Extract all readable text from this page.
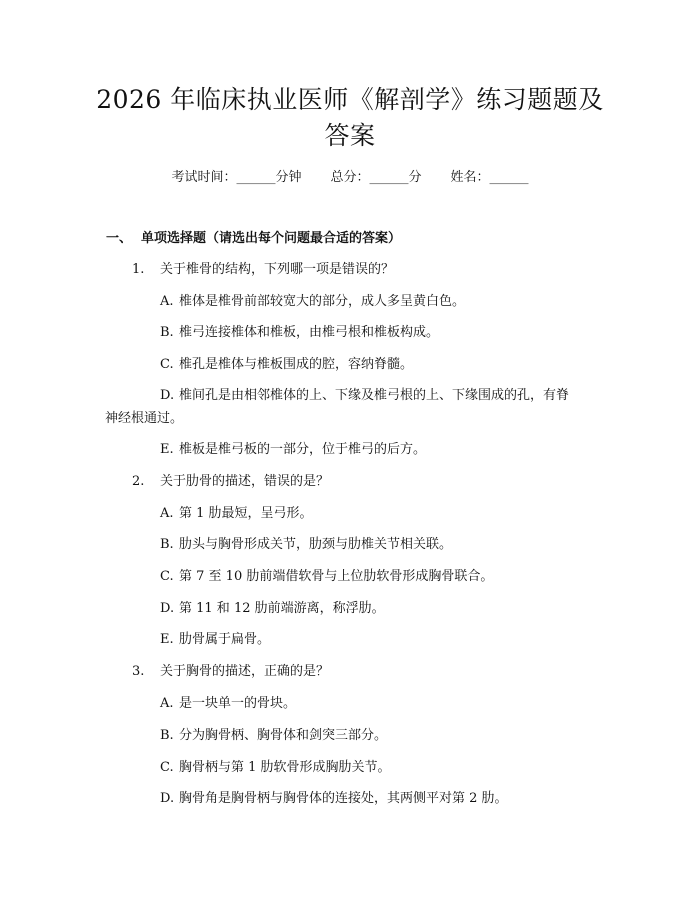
2026 年临床执业医师《解剖学》练习题题及
答案
考试时间：______分钟 总分：______分 姓名：______
一、  单项选择题（请选出每个问题最合适的答案）
1. 关于椎骨的结构，下列哪一项是错误的？
A. 椎体是椎骨前部较宽大的部分，成人多呈黄白色。
B. 椎弓连接椎体和椎板，由椎弓根和椎板构成。
C. 椎孔是椎体与椎板围成的腔，容纳脊髓。
D. 椎间孔是由相邻椎体的上、下缘及椎弓根的上、下缘围成的孔，有脊
神经根通过。
E. 椎板是椎弓板的一部分，位于椎弓的后方。
2. 关于肋骨的描述，错误的是？
A. 第 1 肋最短，呈弓形。
B. 肋头与胸骨形成关节，肋颈与肋椎关节相关联。
C. 第 7 至 10 肋前端借软骨与上位肋软骨形成胸骨联合。
D. 第 11 和 12 肋前端游离，称浮肋。
E. 肋骨属于扁骨。
3. 关于胸骨的描述，正确的是？
A. 是一块单一的骨块。
B. 分为胸骨柄、胸骨体和剑突三部分。
C. 胸骨柄与第 1 肋软骨形成胸肋关节。
D. 胸骨角是胸骨柄与胸骨体的连接处，其两侧平对第 2 肋。
